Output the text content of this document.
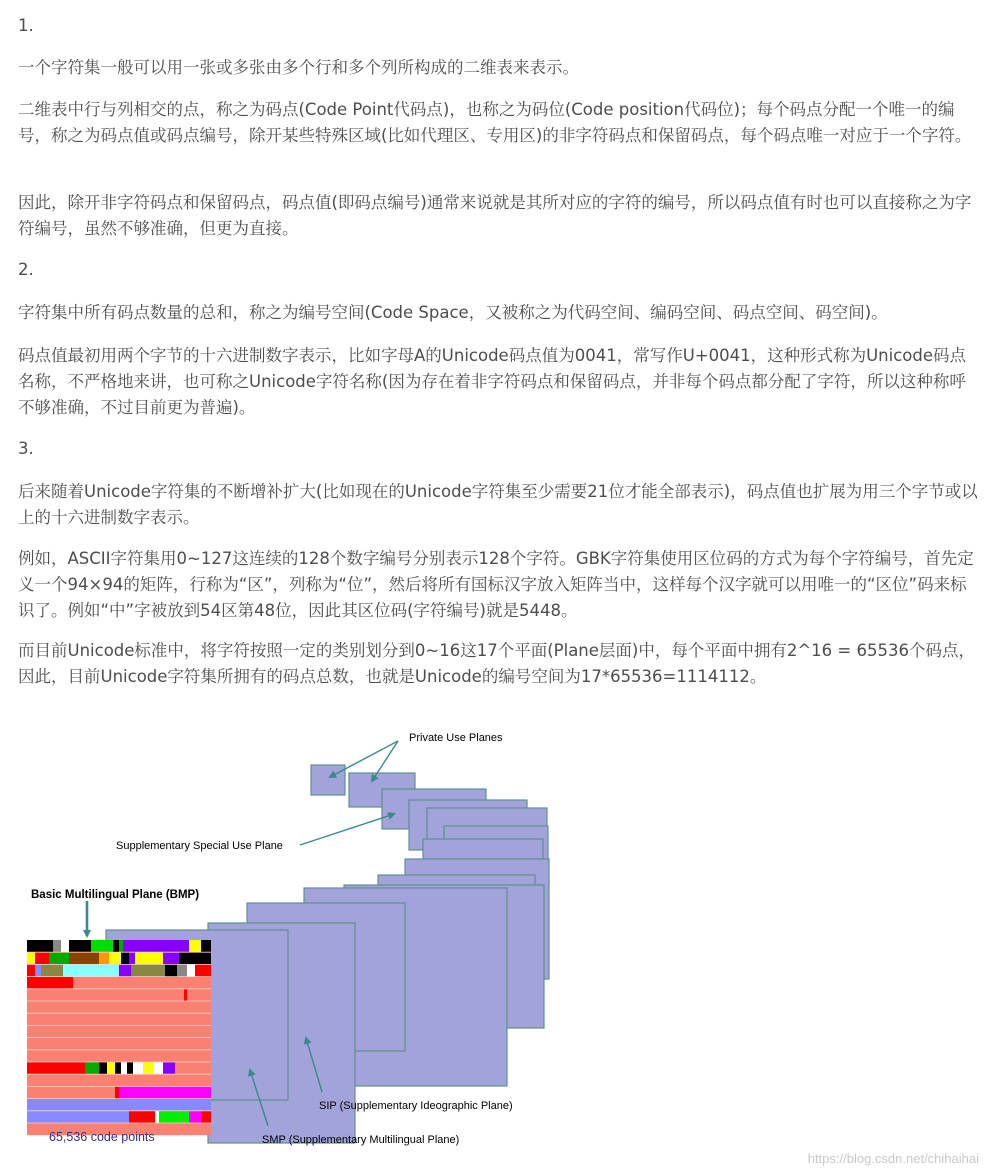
1.

一个字符集一般可以用一张或多张由多个行和多个列所构成的二维表来表示。

二维表中行与列相交的点，称之为码点(Code Point代码点)，也称之为码位(Code position代码位)；每个码点分配一个唯一的编号，称之为码点值或码点编号，除开某些特殊区域(比如代理区、专用区)的非字符码点和保留码点，每个码点唯一对应于一个字符。

因此，除开非字符码点和保留码点，码点值(即码点编号)通常来说就是其所对应的字符的编号，所以码点值有时也可以直接称之为字符编号，虽然不够准确，但更为直接。

2.

字符集中所有码点数量的总和，称之为编号空间(Code Space，又被称之为代码空间、编码空间、码点空间、码空间)。

码点值最初用两个字节的十六进制数字表示，比如字母A的Unicode码点值为0041，常写作U+0041，这种形式称为Unicode码点名称，不严格地来讲，也可称之Unicode字符名称(因为存在着非字符码点和保留码点，并非每个码点都分配了字符，所以这种称呼不够准确，不过目前更为普遍)。

3.

后来随着Unicode字符集的不断增补扩大(比如现在的Unicode字符集至少需要21位才能全部表示)，码点值也扩展为用三个字节或以上的十六进制数字表示。

例如，ASCII字符集用0~127这连续的128个数字编号分别表示128个字符。GBK字符集使用区位码的方式为每个字符编号，首先定义一个94×94的矩阵，行称为“区”，列称为“位”，然后将所有国标汉字放入矩阵当中，这样每个汉字就可以用唯一的“区位”码来标识了。例如“中”字被放到54区第48位，因此其区位码(字符编号)就是5448。

而目前Unicode标准中，将字符按照一定的类别划分到0~16这17个平面(Plane层面)中，每个平面中拥有2^16 = 65536个码点，因此，目前Unicode字符集所拥有的码点总数，也就是Unicode的编号空间为17*65536=1114112。

Private Use Planes
Supplementary Special Use Plane
Basic Multilingual Plane (BMP)
SIP (Supplementary Ideographic Plane)
SMP (Supplementary Multilingual Plane)
65,536 code points
https://blog.csdn.net/chihaihai
